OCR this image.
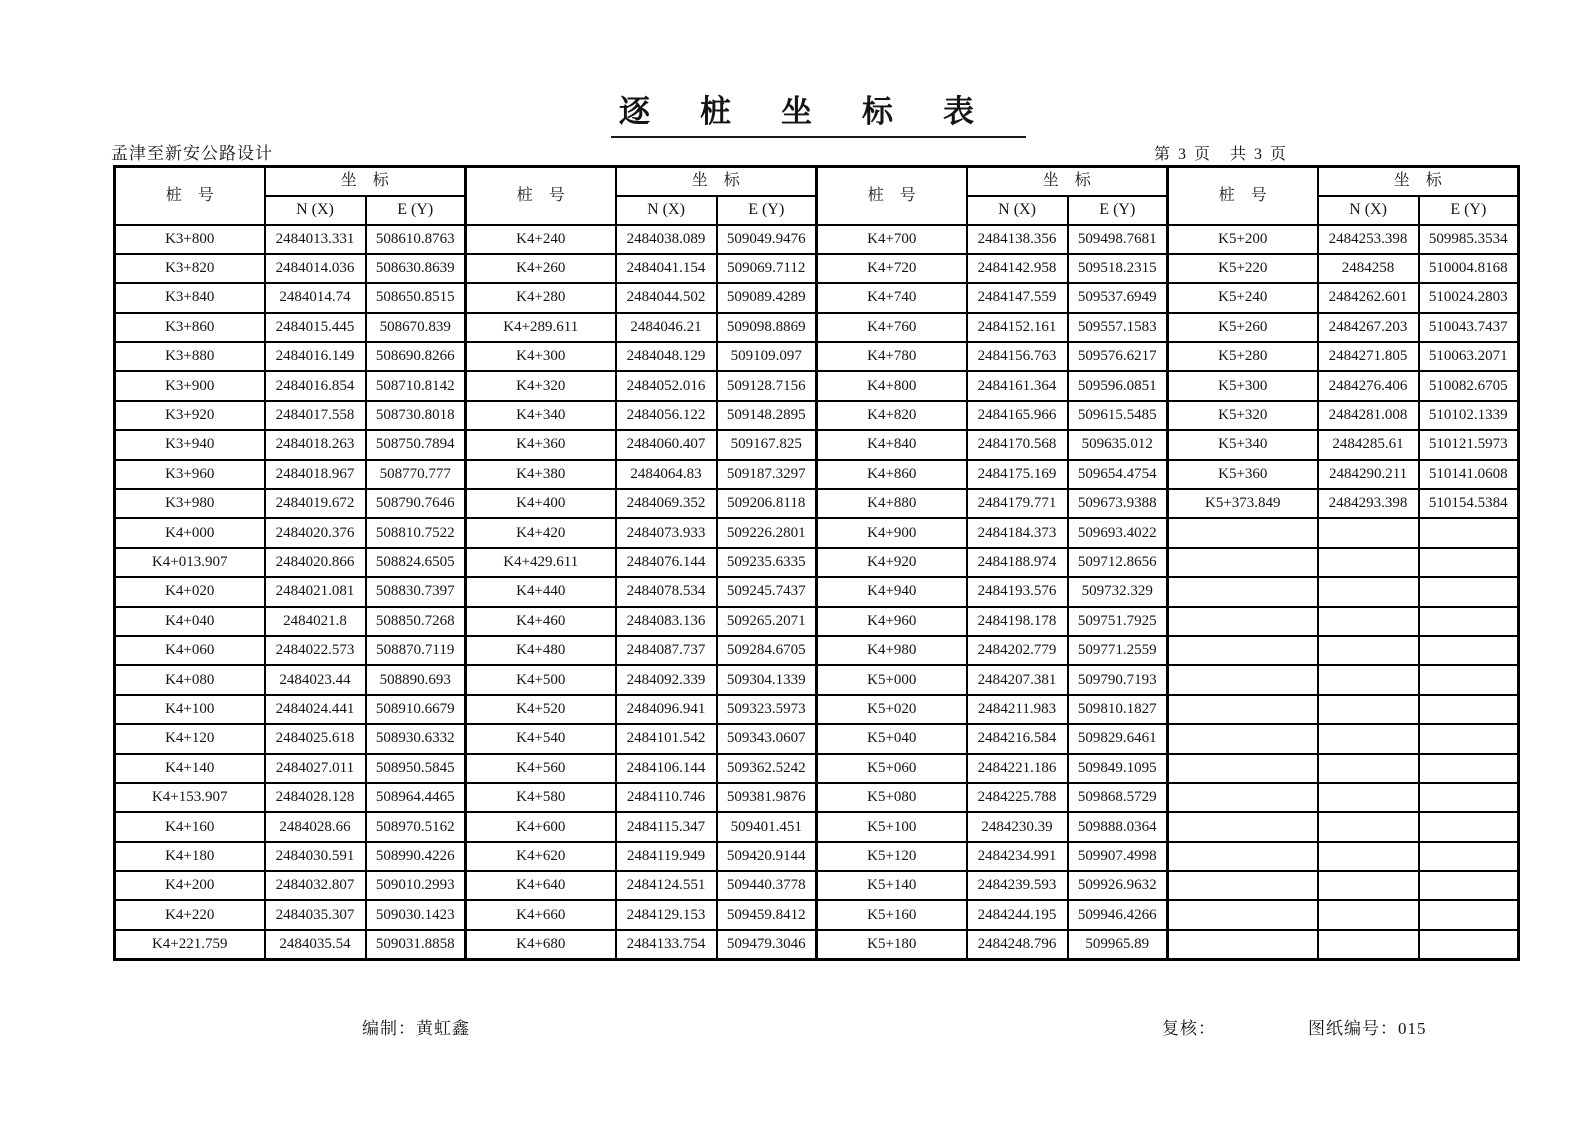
逐桩坐标表
孟津至新安公路设计	第 3 页　共 3 页
桩　号	坐　标		桩　号	坐　标		桩　号	坐　标		桩　号	坐　标	
	N (X)	E (Y)		N (X)	E (Y)		N (X)	E (Y)		N (X)	E (Y)
K3+800	2484013.331	508610.8763	K4+240	2484038.089	509049.9476	K4+700	2484138.356	509498.7681	K5+200	2484253.398	509985.3534
K3+820	2484014.036	508630.8639	K4+260	2484041.154	509069.7112	K4+720	2484142.958	509518.2315	K5+220	2484258	510004.8168
K3+840	2484014.74	508650.8515	K4+280	2484044.502	509089.4289	K4+740	2484147.559	509537.6949	K5+240	2484262.601	510024.2803
K3+860	2484015.445	508670.839	K4+289.611	2484046.21	509098.8869	K4+760	2484152.161	509557.1583	K5+260	2484267.203	510043.7437
K3+880	2484016.149	508690.8266	K4+300	2484048.129	509109.097	K4+780	2484156.763	509576.6217	K5+280	2484271.805	510063.2071
K3+900	2484016.854	508710.8142	K4+320	2484052.016	509128.7156	K4+800	2484161.364	509596.0851	K5+300	2484276.406	510082.6705
K3+920	2484017.558	508730.8018	K4+340	2484056.122	509148.2895	K4+820	2484165.966	509615.5485	K5+320	2484281.008	510102.1339
K3+940	2484018.263	508750.7894	K4+360	2484060.407	509167.825	K4+840	2484170.568	509635.012	K5+340	2484285.61	510121.5973
K3+960	2484018.967	508770.777	K4+380	2484064.83	509187.3297	K4+860	2484175.169	509654.4754	K5+360	2484290.211	510141.0608
K3+980	2484019.672	508790.7646	K4+400	2484069.352	509206.8118	K4+880	2484179.771	509673.9388	K5+373.849	2484293.398	510154.5384
K4+000	2484020.376	508810.7522	K4+420	2484073.933	509226.2801	K4+900	2484184.373	509693.4022			
K4+013.907	2484020.866	508824.6505	K4+429.611	2484076.144	509235.6335	K4+920	2484188.974	509712.8656			
K4+020	2484021.081	508830.7397	K4+440	2484078.534	509245.7437	K4+940	2484193.576	509732.329			
K4+040	2484021.8	508850.7268	K4+460	2484083.136	509265.2071	K4+960	2484198.178	509751.7925			
K4+060	2484022.573	508870.7119	K4+480	2484087.737	509284.6705	K4+980	2484202.779	509771.2559			
K4+080	2484023.44	508890.693	K4+500	2484092.339	509304.1339	K5+000	2484207.381	509790.7193			
K4+100	2484024.441	508910.6679	K4+520	2484096.941	509323.5973	K5+020	2484211.983	509810.1827			
K4+120	2484025.618	508930.6332	K4+540	2484101.542	509343.0607	K5+040	2484216.584	509829.6461			
K4+140	2484027.011	508950.5845	K4+560	2484106.144	509362.5242	K5+060	2484221.186	509849.1095			
K4+153.907	2484028.128	508964.4465	K4+580	2484110.746	509381.9876	K5+080	2484225.788	509868.5729			
K4+160	2484028.66	508970.5162	K4+600	2484115.347	509401.451	K5+100	2484230.39	509888.0364			
K4+180	2484030.591	508990.4226	K4+620	2484119.949	509420.9144	K5+120	2484234.991	509907.4998			
K4+200	2484032.807	509010.2993	K4+640	2484124.551	509440.3778	K5+140	2484239.593	509926.9632			
K4+220	2484035.307	509030.1423	K4+660	2484129.153	509459.8412	K5+160	2484244.195	509946.4266			
K4+221.759	2484035.54	509031.8858	K4+680	2484133.754	509479.3046	K5+180	2484248.796	509965.89			
编制：黄虹鑫	复核：	图纸编号：015
